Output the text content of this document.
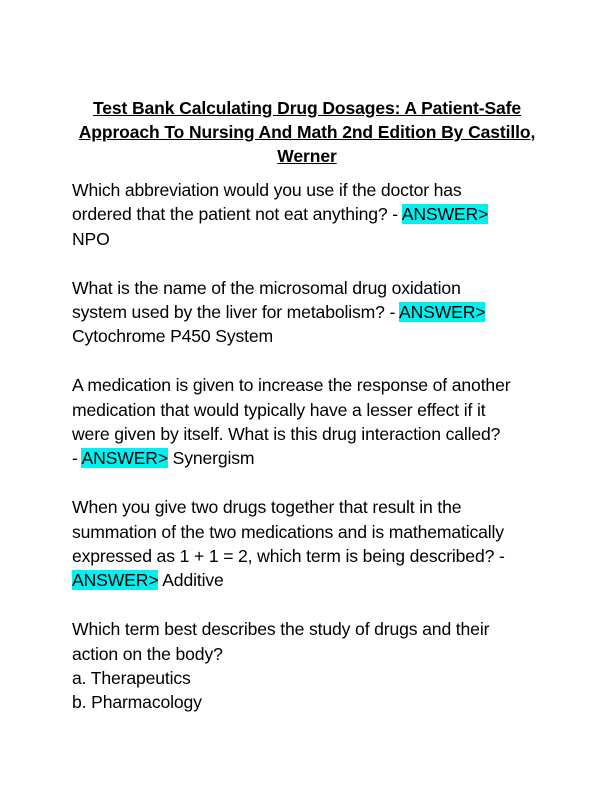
Test Bank Calculating Drug Dosages: A Patient-Safe
Approach To Nursing And Math 2nd Edition By Castillo,
Werner
Which abbreviation would you use if the doctor has
ordered that the patient not eat anything? - ANSWER>
NPO
What is the name of the microsomal drug oxidation
system used by the liver for metabolism? - ANSWER>
Cytochrome P450 System
A medication is given to increase the response of another
medication that would typically have a lesser effect if it
were given by itself. What is this drug interaction called?
- ANSWER> Synergism
When you give two drugs together that result in the
summation of the two medications and is mathematically
expressed as 1 + 1 = 2, which term is being described? -
ANSWER> Additive
Which term best describes the study of drugs and their
action on the body?
a. Therapeutics
b. Pharmacology
